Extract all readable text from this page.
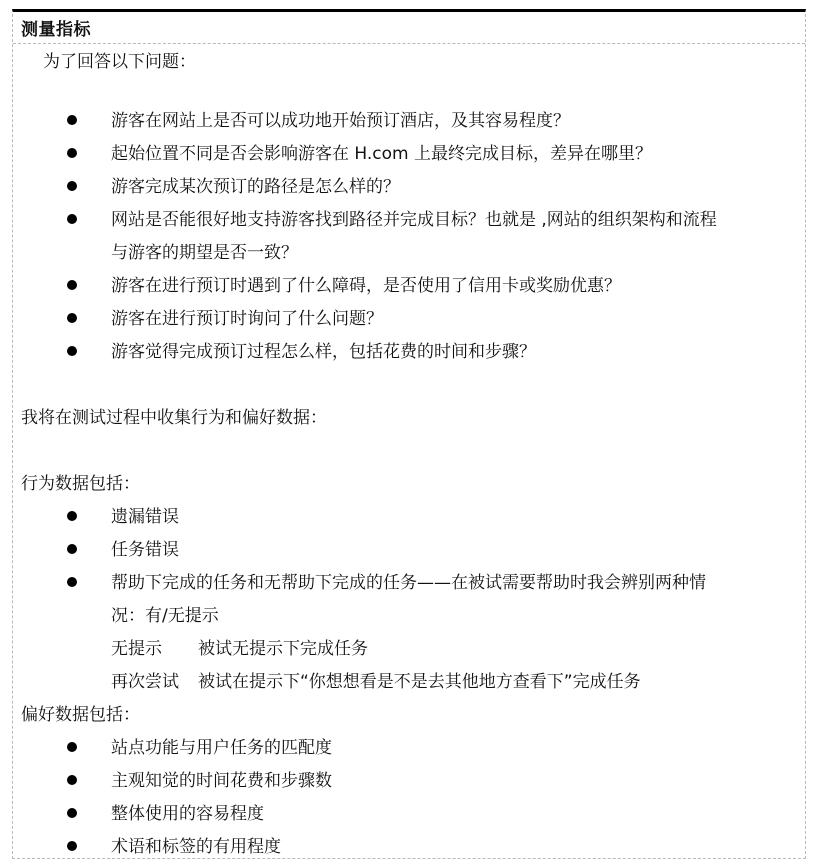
测量指标
为了回答以下问题：
游客在网站上是否可以成功地开始预订酒店，及其容易程度？
起始位置不同是否会影响游客在 H.com 上最终完成目标，差异在哪里？
游客完成某次预订的路径是怎么样的？
网站是否能很好地支持游客找到路径并完成目标？也就是 ,网站的组织架构和流程
与游客的期望是否一致？
游客在进行预订时遇到了什么障碍，是否使用了信用卡或奖励优惠？
游客在进行预订时询问了什么问题？
游客觉得完成预订过程怎么样，包括花费的时间和步骤？
我将在测试过程中收集行为和偏好数据：
行为数据包括：
遗漏错误
任务错误
帮助下完成的任务和无帮助下完成的任务——在被试需要帮助时我会辨别两种情
况：有/无提示
无提示 被试无提示下完成任务
再次尝试 被试在提示下“你想想看是不是去其他地方查看下”完成任务
偏好数据包括：
站点功能与用户任务的匹配度
主观知觉的时间花费和步骤数
整体使用的容易程度
术语和标签的有用程度
